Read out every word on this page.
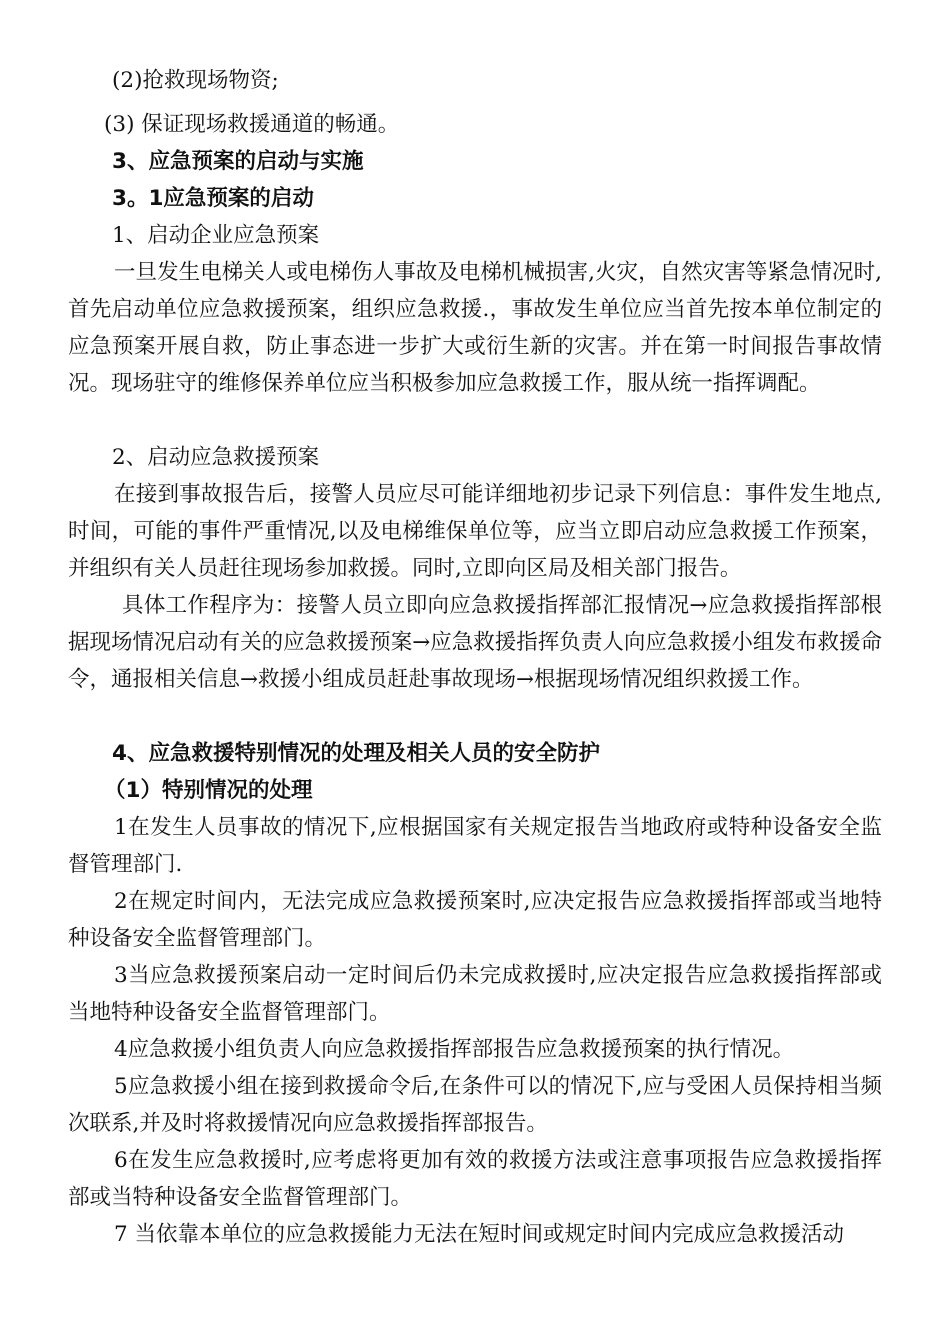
(2)抢救现场物资;

(3) 保证现场救援通道的畅通。

3、应急预案的启动与实施

3。1应急预案的启动

1、启动企业应急预案

一旦发生电梯关人或电梯伤人事故及电梯机械损害,火灾，自然灾害等紧急情况时,首先启动单位应急救援预案，组织应急救援.，事故发生单位应当首先按本单位制定的应急预案开展自救，防止事态进一步扩大或衍生新的灾害。并在第一时间报告事故情况。现场驻守的维修保养单位应当积极参加应急救援工作，服从统一指挥调配。

2、启动应急救援预案

在接到事故报告后，接警人员应尽可能详细地初步记录下列信息：事件发生地点,时间，可能的事件严重情况,以及电梯维保单位等，应当立即启动应急救援工作预案，并组织有关人员赶往现场参加救援。同时,立即向区局及相关部门报告。

具体工作程序为：接警人员立即向应急救援指挥部汇报情况→应急救援指挥部根据现场情况启动有关的应急救援预案→应急救援指挥负责人向应急救援小组发布救援命令，通报相关信息→救援小组成员赶赴事故现场→根据现场情况组织救援工作。

4、应急救援特别情况的处理及相关人员的安全防护

（1）特别情况的处理

1在发生人员事故的情况下,应根据国家有关规定报告当地政府或特种设备安全监督管理部门.

2在规定时间内，无法完成应急救援预案时,应决定报告应急救援指挥部或当地特种设备安全监督管理部门。

3当应急救援预案启动一定时间后仍未完成救援时,应决定报告应急救援指挥部或当地特种设备安全监督管理部门。

4应急救援小组负责人向应急救援指挥部报告应急救援预案的执行情况。

5应急救援小组在接到救援命令后,在条件可以的情况下,应与受困人员保持相当频次联系,并及时将救援情况向应急救援指挥部报告。

6在发生应急救援时,应考虑将更加有效的救援方法或注意事项报告应急救援指挥部或当特种设备安全监督管理部门。

7 当依靠本单位的应急救援能力无法在短时间或规定时间内完成应急救援活动
